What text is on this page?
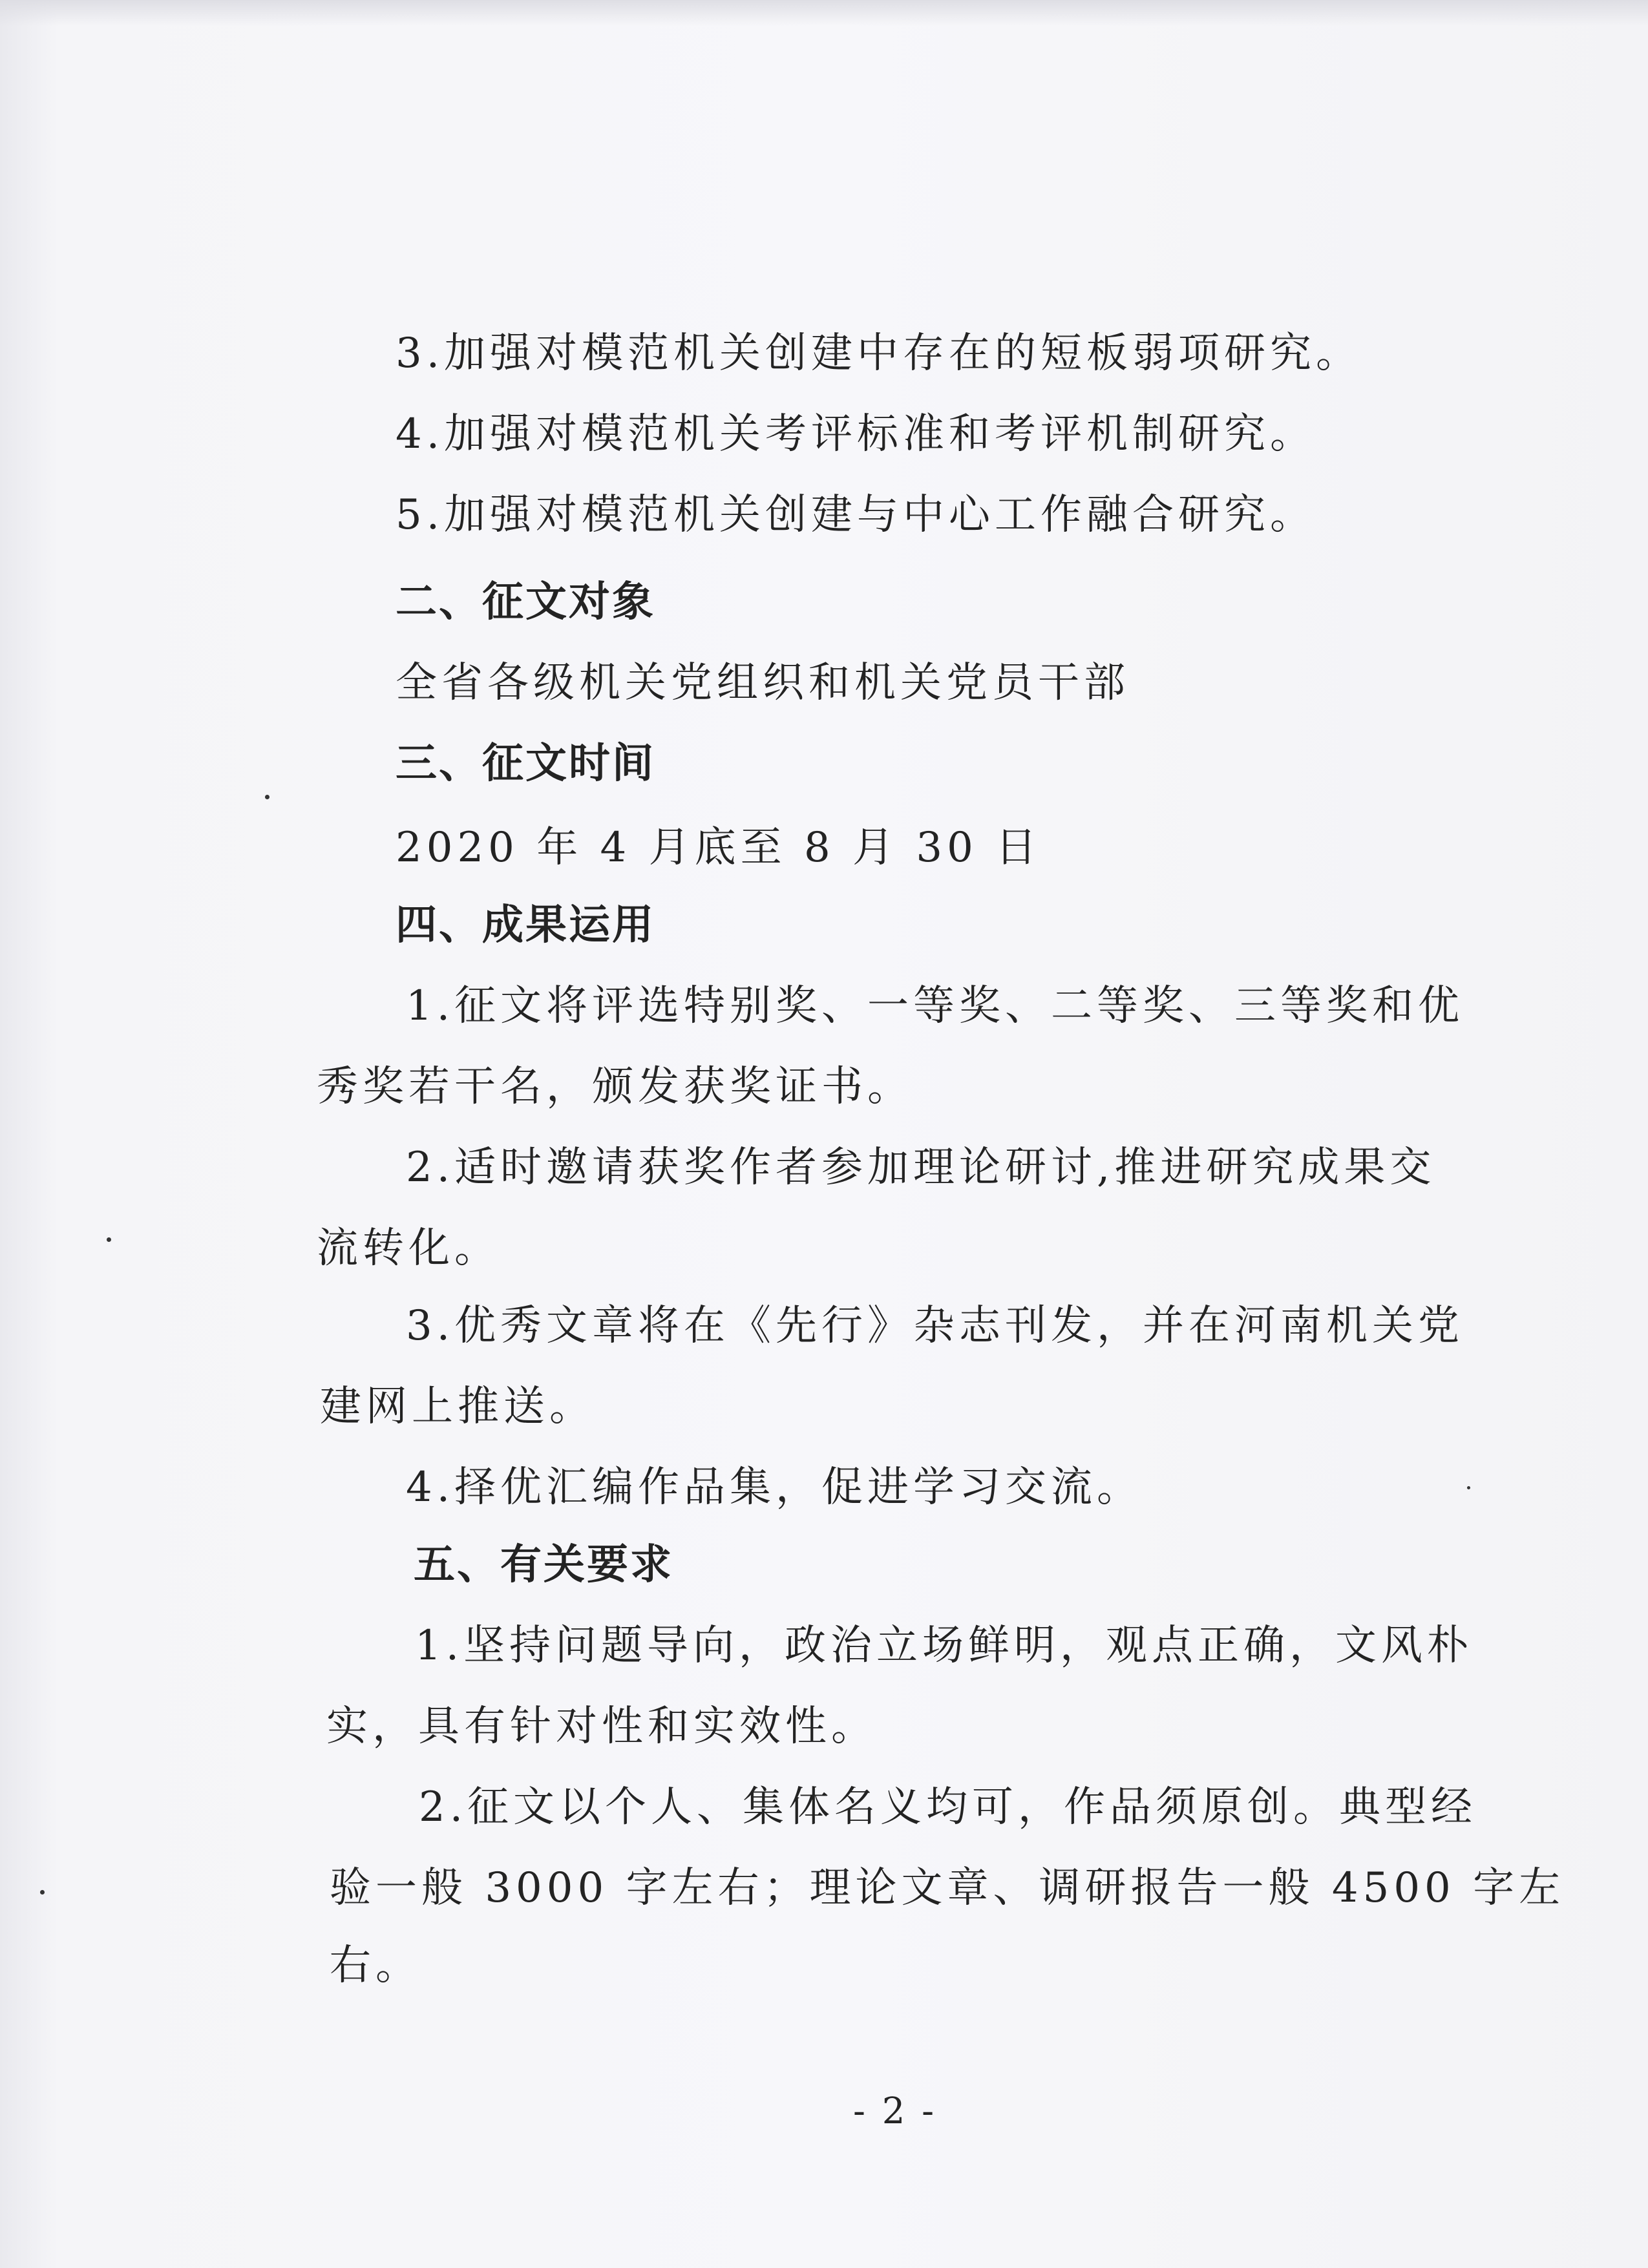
3.加强对模范机关创建中存在的短板弱项研究。
4.加强对模范机关考评标准和考评机制研究。
5.加强对模范机关创建与中心工作融合研究。
二、征文对象
全省各级机关党组织和机关党员干部
三、征文时间
2020 年 4 月底至 8 月 30 日
四、成果运用
1.征文将评选特别奖、一等奖、二等奖、三等奖和优
秀奖若干名，颁发获奖证书。
2.适时邀请获奖作者参加理论研讨,推进研究成果交
流转化。
3.优秀文章将在《先行》杂志刊发，并在河南机关党
建网上推送。
4.择优汇编作品集，促进学习交流。
五、有关要求
1.坚持问题导向，政治立场鲜明，观点正确，文风朴
实，具有针对性和实效性。
2.征文以个人、集体名义均可，作品须原创。典型经
验一般 3000 字左右；理论文章、调研报告一般 4500 字左
右。
- 2 -
